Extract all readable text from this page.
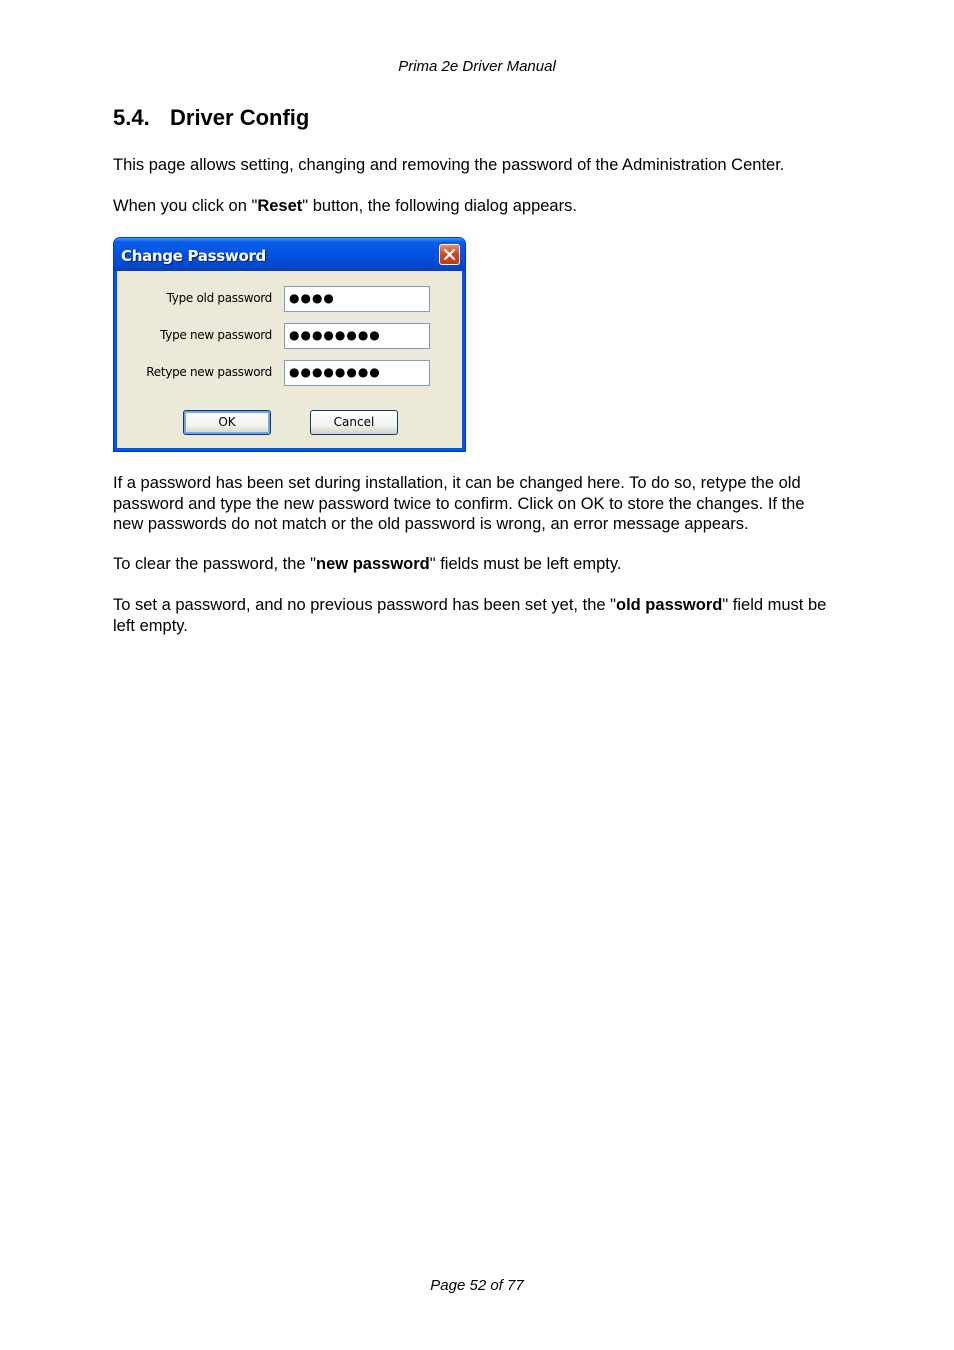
Prima 2e Driver Manual
5.4. Driver Config

This page allows setting, changing and removing the password of the Administration Center.

When you click on "Reset" button, the following dialog appears.

Change Password
Type old password	●●●●
Type new password	●●●●●●●●
Retype new password	●●●●●●●●
OK	Cancel

If a password has been set during installation, it can be changed here. To do so, retype the old
password and type the new password twice to confirm. Click on OK to store the changes. If the
new passwords do not match or the old password is wrong, an error message appears.

To clear the password, the "new password" fields must be left empty.

To set a password, and no previous password has been set yet, the "old password" field must be
left empty.

Page 52 of 77
